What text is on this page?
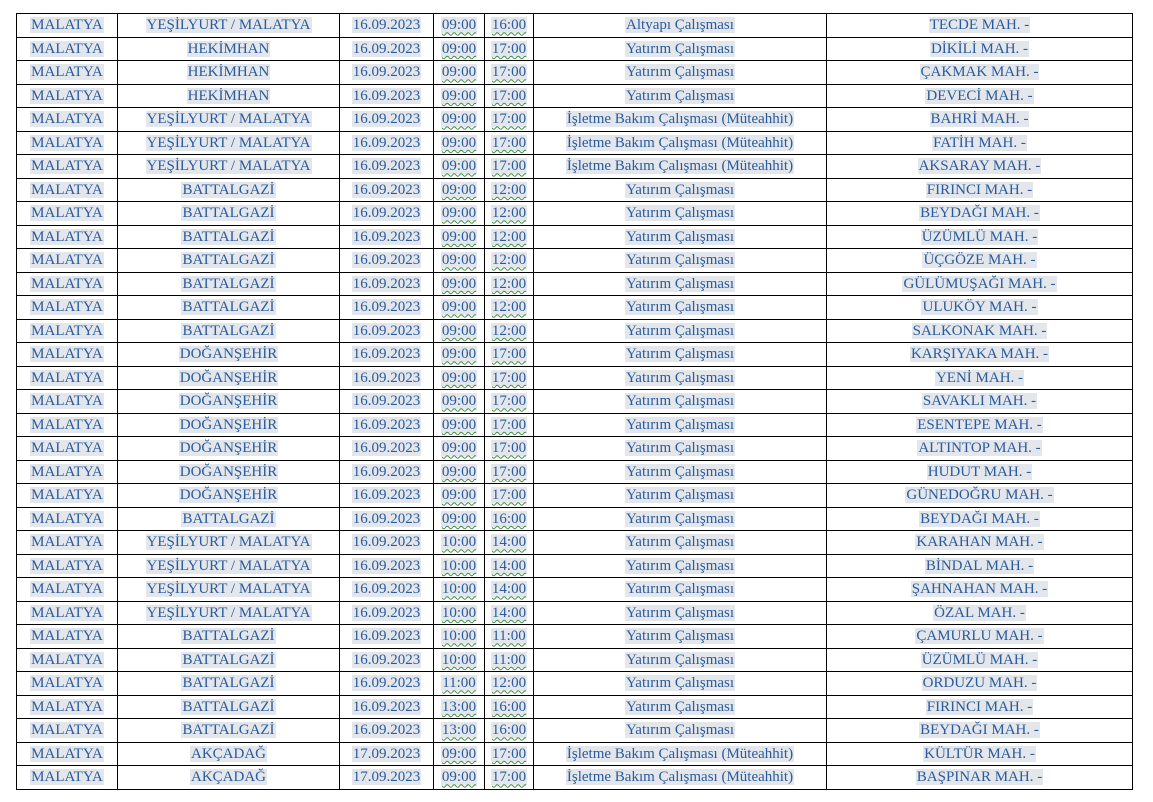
MALATYA	YEŞİLYURT / MALATYA	16.09.2023	09:00	16:00	Altyapı Çalışması	TECDE MAH. -
MALATYA	HEKİMHAN	16.09.2023	09:00	17:00	Yatırım Çalışması	DİKİLİ MAH. -
MALATYA	HEKİMHAN	16.09.2023	09:00	17:00	Yatırım Çalışması	ÇAKMAK MAH. -
MALATYA	HEKİMHAN	16.09.2023	09:00	17:00	Yatırım Çalışması	DEVECİ MAH. -
MALATYA	YEŞİLYURT / MALATYA	16.09.2023	09:00	17:00	İşletme Bakım Çalışması (Müteahhit)	BAHRİ MAH. -
MALATYA	YEŞİLYURT / MALATYA	16.09.2023	09:00	17:00	İşletme Bakım Çalışması (Müteahhit)	FATİH MAH. -
MALATYA	YEŞİLYURT / MALATYA	16.09.2023	09:00	17:00	İşletme Bakım Çalışması (Müteahhit)	AKSARAY MAH. -
MALATYA	BATTALGAZİ	16.09.2023	09:00	12:00	Yatırım Çalışması	FIRINCI MAH. -
MALATYA	BATTALGAZİ	16.09.2023	09:00	12:00	Yatırım Çalışması	BEYDAĞI MAH. -
MALATYA	BATTALGAZİ	16.09.2023	09:00	12:00	Yatırım Çalışması	ÜZÜMLÜ MAH. -
MALATYA	BATTALGAZİ	16.09.2023	09:00	12:00	Yatırım Çalışması	ÜÇGÖZE MAH. -
MALATYA	BATTALGAZİ	16.09.2023	09:00	12:00	Yatırım Çalışması	GÜLÜMUŞAĞI MAH. -
MALATYA	BATTALGAZİ	16.09.2023	09:00	12:00	Yatırım Çalışması	ULUKÖY MAH. -
MALATYA	BATTALGAZİ	16.09.2023	09:00	12:00	Yatırım Çalışması	SALKONAK MAH. -
MALATYA	DOĞANŞEHİR	16.09.2023	09:00	17:00	Yatırım Çalışması	KARŞIYAKA MAH. -
MALATYA	DOĞANŞEHİR	16.09.2023	09:00	17:00	Yatırım Çalışması	YENİ MAH. -
MALATYA	DOĞANŞEHİR	16.09.2023	09:00	17:00	Yatırım Çalışması	SAVAKLI MAH. -
MALATYA	DOĞANŞEHİR	16.09.2023	09:00	17:00	Yatırım Çalışması	ESENTEPE MAH. -
MALATYA	DOĞANŞEHİR	16.09.2023	09:00	17:00	Yatırım Çalışması	ALTINTOP MAH. -
MALATYA	DOĞANŞEHİR	16.09.2023	09:00	17:00	Yatırım Çalışması	HUDUT MAH. -
MALATYA	DOĞANŞEHİR	16.09.2023	09:00	17:00	Yatırım Çalışması	GÜNEDOĞRU MAH. -
MALATYA	BATTALGAZİ	16.09.2023	09:00	16:00	Yatırım Çalışması	BEYDAĞI MAH. -
MALATYA	YEŞİLYURT / MALATYA	16.09.2023	10:00	14:00	Yatırım Çalışması	KARAHAN MAH. -
MALATYA	YEŞİLYURT / MALATYA	16.09.2023	10:00	14:00	Yatırım Çalışması	BİNDAL MAH. -
MALATYA	YEŞİLYURT / MALATYA	16.09.2023	10:00	14:00	Yatırım Çalışması	ŞAHNAHAN MAH. -
MALATYA	YEŞİLYURT / MALATYA	16.09.2023	10:00	14:00	Yatırım Çalışması	ÖZAL MAH. -
MALATYA	BATTALGAZİ	16.09.2023	10:00	11:00	Yatırım Çalışması	ÇAMURLU MAH. -
MALATYA	BATTALGAZİ	16.09.2023	10:00	11:00	Yatırım Çalışması	ÜZÜMLÜ MAH. -
MALATYA	BATTALGAZİ	16.09.2023	11:00	12:00	Yatırım Çalışması	ORDUZU MAH. -
MALATYA	BATTALGAZİ	16.09.2023	13:00	16:00	Yatırım Çalışması	FIRINCI MAH. -
MALATYA	BATTALGAZİ	16.09.2023	13:00	16:00	Yatırım Çalışması	BEYDAĞI MAH. -
MALATYA	AKÇADAĞ	17.09.2023	09:00	17:00	İşletme Bakım Çalışması (Müteahhit)	KÜLTÜR MAH. -
MALATYA	AKÇADAĞ	17.09.2023	09:00	17:00	İşletme Bakım Çalışması (Müteahhit)	BAŞPINAR MAH. -
